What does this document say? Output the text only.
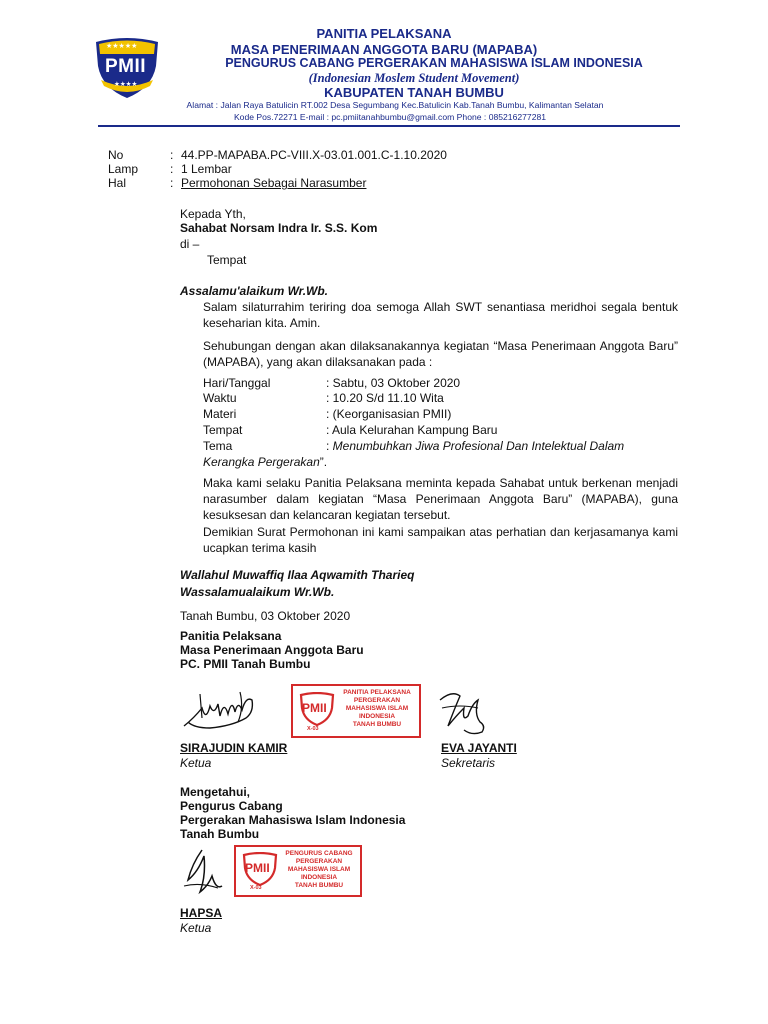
★★★★★
PMII
★★★★
PANITIA PELAKSANA
MASA PENERIMAAN ANGGOTA BARU (MAPABA)
PENGURUS CABANG PERGERAKAN MAHASISWA ISLAM INDONESIA
(Indonesian Moslem Student Movement)
KABUPATEN TANAH BUMBU
Alamat : Jalan Raya Batulicin RT.002 Desa Segumbang Kec.Batulicin Kab.Tanah Bumbu, Kalimantan Selatan
Kode Pos.72271 E-mail : pc.pmiitanahbumbu@gmail.com Phone : 085216277281
No	: 44.PP-MAPABA.PC-VIII.X-03.01.001.C-1.10.2020
Lamp	: 1 Lembar
Hal	: Permohonan Sebagai Narasumber
Kepada Yth,
Sahabat Norsam Indra Ir. S.S. Kom
di –
Tempat
Assalamu'alaikum Wr.Wb.
Salam silaturrahim teriring doa semoga Allah SWT senantiasa meridhoi segala bentuk keseharian kita. Amin.
Sehubungan dengan akan dilaksanakannya kegiatan “Masa Penerimaan Anggota Baru” (MAPABA), yang akan dilaksanakan pada :
Hari/Tanggal	: Sabtu, 03 Oktober 2020
Waktu	: 10.20 S/d 11.10 Wita
Materi	: (Keorganisasian PMII)
Tempat	: Aula Kelurahan Kampung Baru
Tema	: Menumbuhkan Jiwa Profesional Dan Intelektual Dalam
Kerangka Pergerakan”.
Maka kami selaku Panitia Pelaksana meminta kepada Sahabat untuk berkenan menjadi narasumber dalam kegiatan “Masa Penerimaan Anggota Baru” (MAPABA), guna kesuksesan dan kelancaran kegiatan tersebut.
Demikian Surat Permohonan ini kami sampaikan atas perhatian dan kerjasamanya kami ucapkan terima kasih
Wallahul Muwaffiq Ilaa Aqwamith Tharieq
Wassalamualaikum Wr.Wb.
Tanah Bumbu, 03 Oktober 2020
Panitia Pelaksana
Masa Penerimaan Anggota Baru
PC. PMII Tanah Bumbu
PMII
X-03
PANITIA PELAKSANA
PERGERAKAN
MAHASISWA ISLAM
INDONESIA
TANAH BUMBU
SIRAJUDIN KAMIR
Ketua
EVA JAYANTI
Sekretaris
Mengetahui,
Pengurus Cabang
Pergerakan Mahasiswa Islam Indonesia
Tanah Bumbu
PMII
X-03
PENGURUS CABANG
PERGERAKAN
MAHASISWA ISLAM
INDONESIA
TANAH BUMBU
HAPSA
Ketua
